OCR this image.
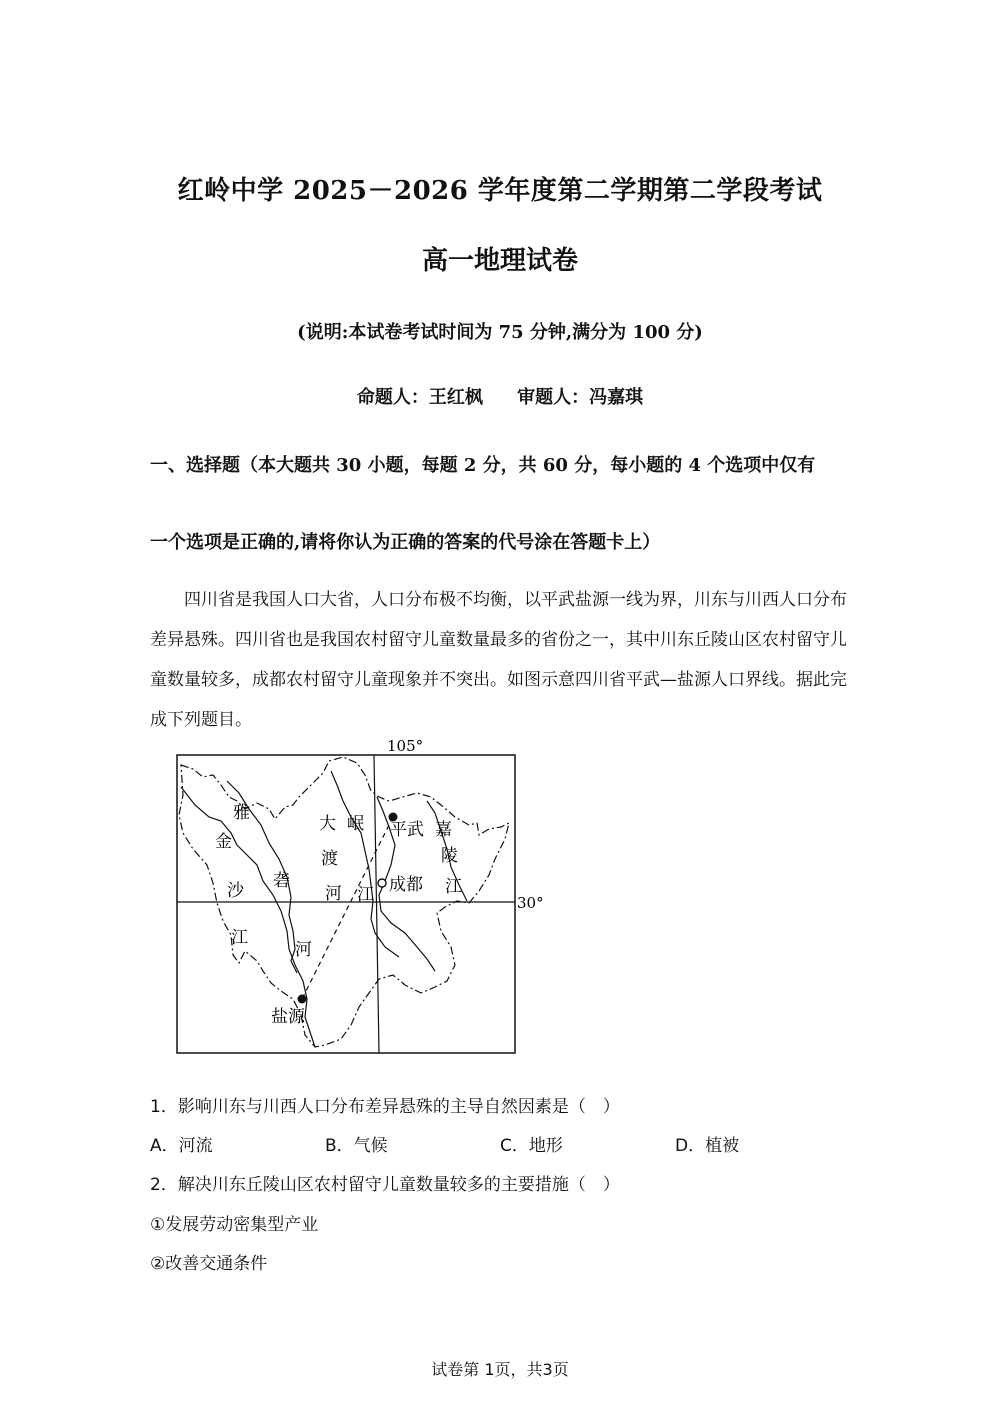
红岭中学 2025－2026 学年度第二学期第二学段考试
高一地理试卷
(说明:本试卷考试时间为 75 分钟,满分为 100 分)
命题人：王红枫 审题人：冯嘉琪
一、选择题（本大题共 30 小题，每题 2 分，共 60 分，每小题的 4 个选项中仅有
一个选项是正确的,请将你认为正确的答案的代号涂在答题卡上）
四川省是我国人口大省，人口分布极不均衡，以平武盐源一线为界，川东与川西人口分布差异悬殊。四川省也是我国农村留守儿童数量最多的省份之一，其中川东丘陵山区农村留守儿童数量较多，成都农村留守儿童现象并不突出。如图示意四川省平武—盐源人口界线。据此完成下列题目。
105°
30°
平武
成都
盐源
雅
砻
河
金
沙
江
大
渡
河
岷
江
嘉
陵
江
1．影响川东与川西人口分布差异悬殊的主导自然因素是（　）
A．河流	B．气候	C．地形	D．植被
2．解决川东丘陵山区农村留守儿童数量较多的主要措施（　）
①发展劳动密集型产业
②改善交通条件
试卷第 1页，共3页
